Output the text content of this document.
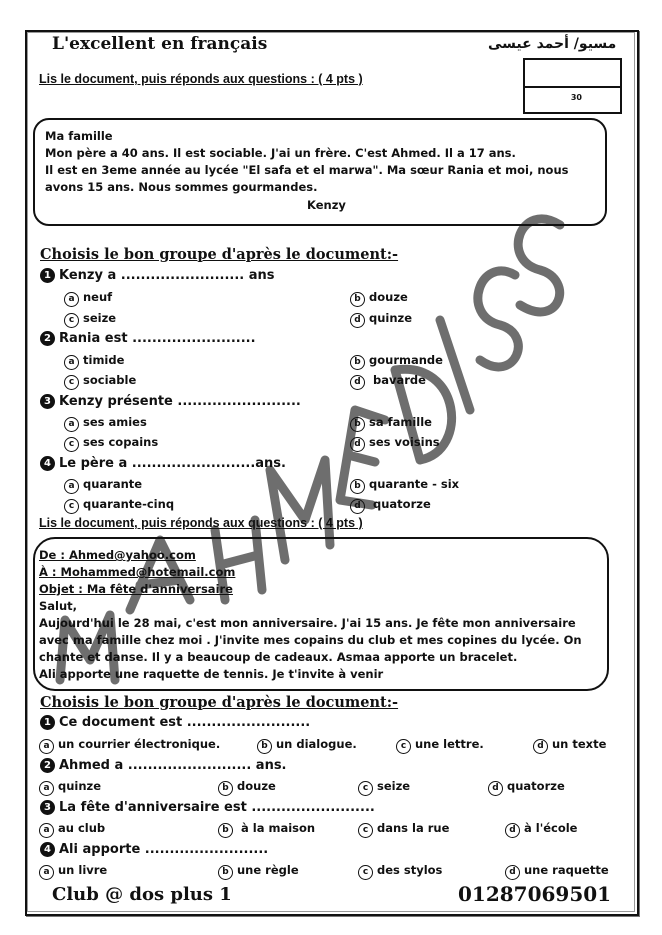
L'excellent en français	مسيو/ أحمد عيسى
Lis le document, puis réponds aux questions : ( 4 pts )
30
Ma famille
Mon père a 40 ans. Il est sociable. J'ai un frère. C'est Ahmed. Il a 17 ans.
Il est en 3eme année au lycée "El safa et el marwa". Ma sœur Rania et moi, nous
avons 15 ans. Nous sommes gourmandes.
Kenzy
Choisis le bon groupe d'après le document:-
1 Kenzy a ......................... ans
a neuf	b douze
c seize	d quinze
2 Rania est .........................
a timide	b gourmande
c sociable	d bavarde
3 Kenzy présente .........................
a ses amies	b sa famille
c ses copains	d ses voisins
4 Le père a .........................ans.
a quarante	b quarante - six
c quarante-cinq	d quatorze
Lis le document, puis réponds aux questions : ( 4 pts )
De : Ahmed@yahoo.com
À : Mohammed@hotemail.com
Objet : Ma fête d'anniversaire
Salut,
Aujourd'hui le 28 mai, c'est mon anniversaire. J'ai 15 ans. Je fête mon anniversaire
avec ma famille chez moi . J'invite mes copains du club et mes copines du lycée. On
chante et danse. Il y a beaucoup de cadeaux. Asmaa apporte un bracelet.
Ali apporte une raquette de tennis. Je t'invite à venir
Choisis le bon groupe d'après le document:-
1 Ce document est .........................
a un courrier électronique.	b un dialogue.	c une lettre.	d un texte
2 Ahmed a ......................... ans.
a quinze	b douze	c seize	d quatorze
3 La fête d'anniversaire est .........................
a au club	b à la maison	c dans la rue	d à l'école
4 Ali apporte .........................
a un livre	b une règle	c des stylos	d une raquette
Club @ dos plus 1	01287069501
